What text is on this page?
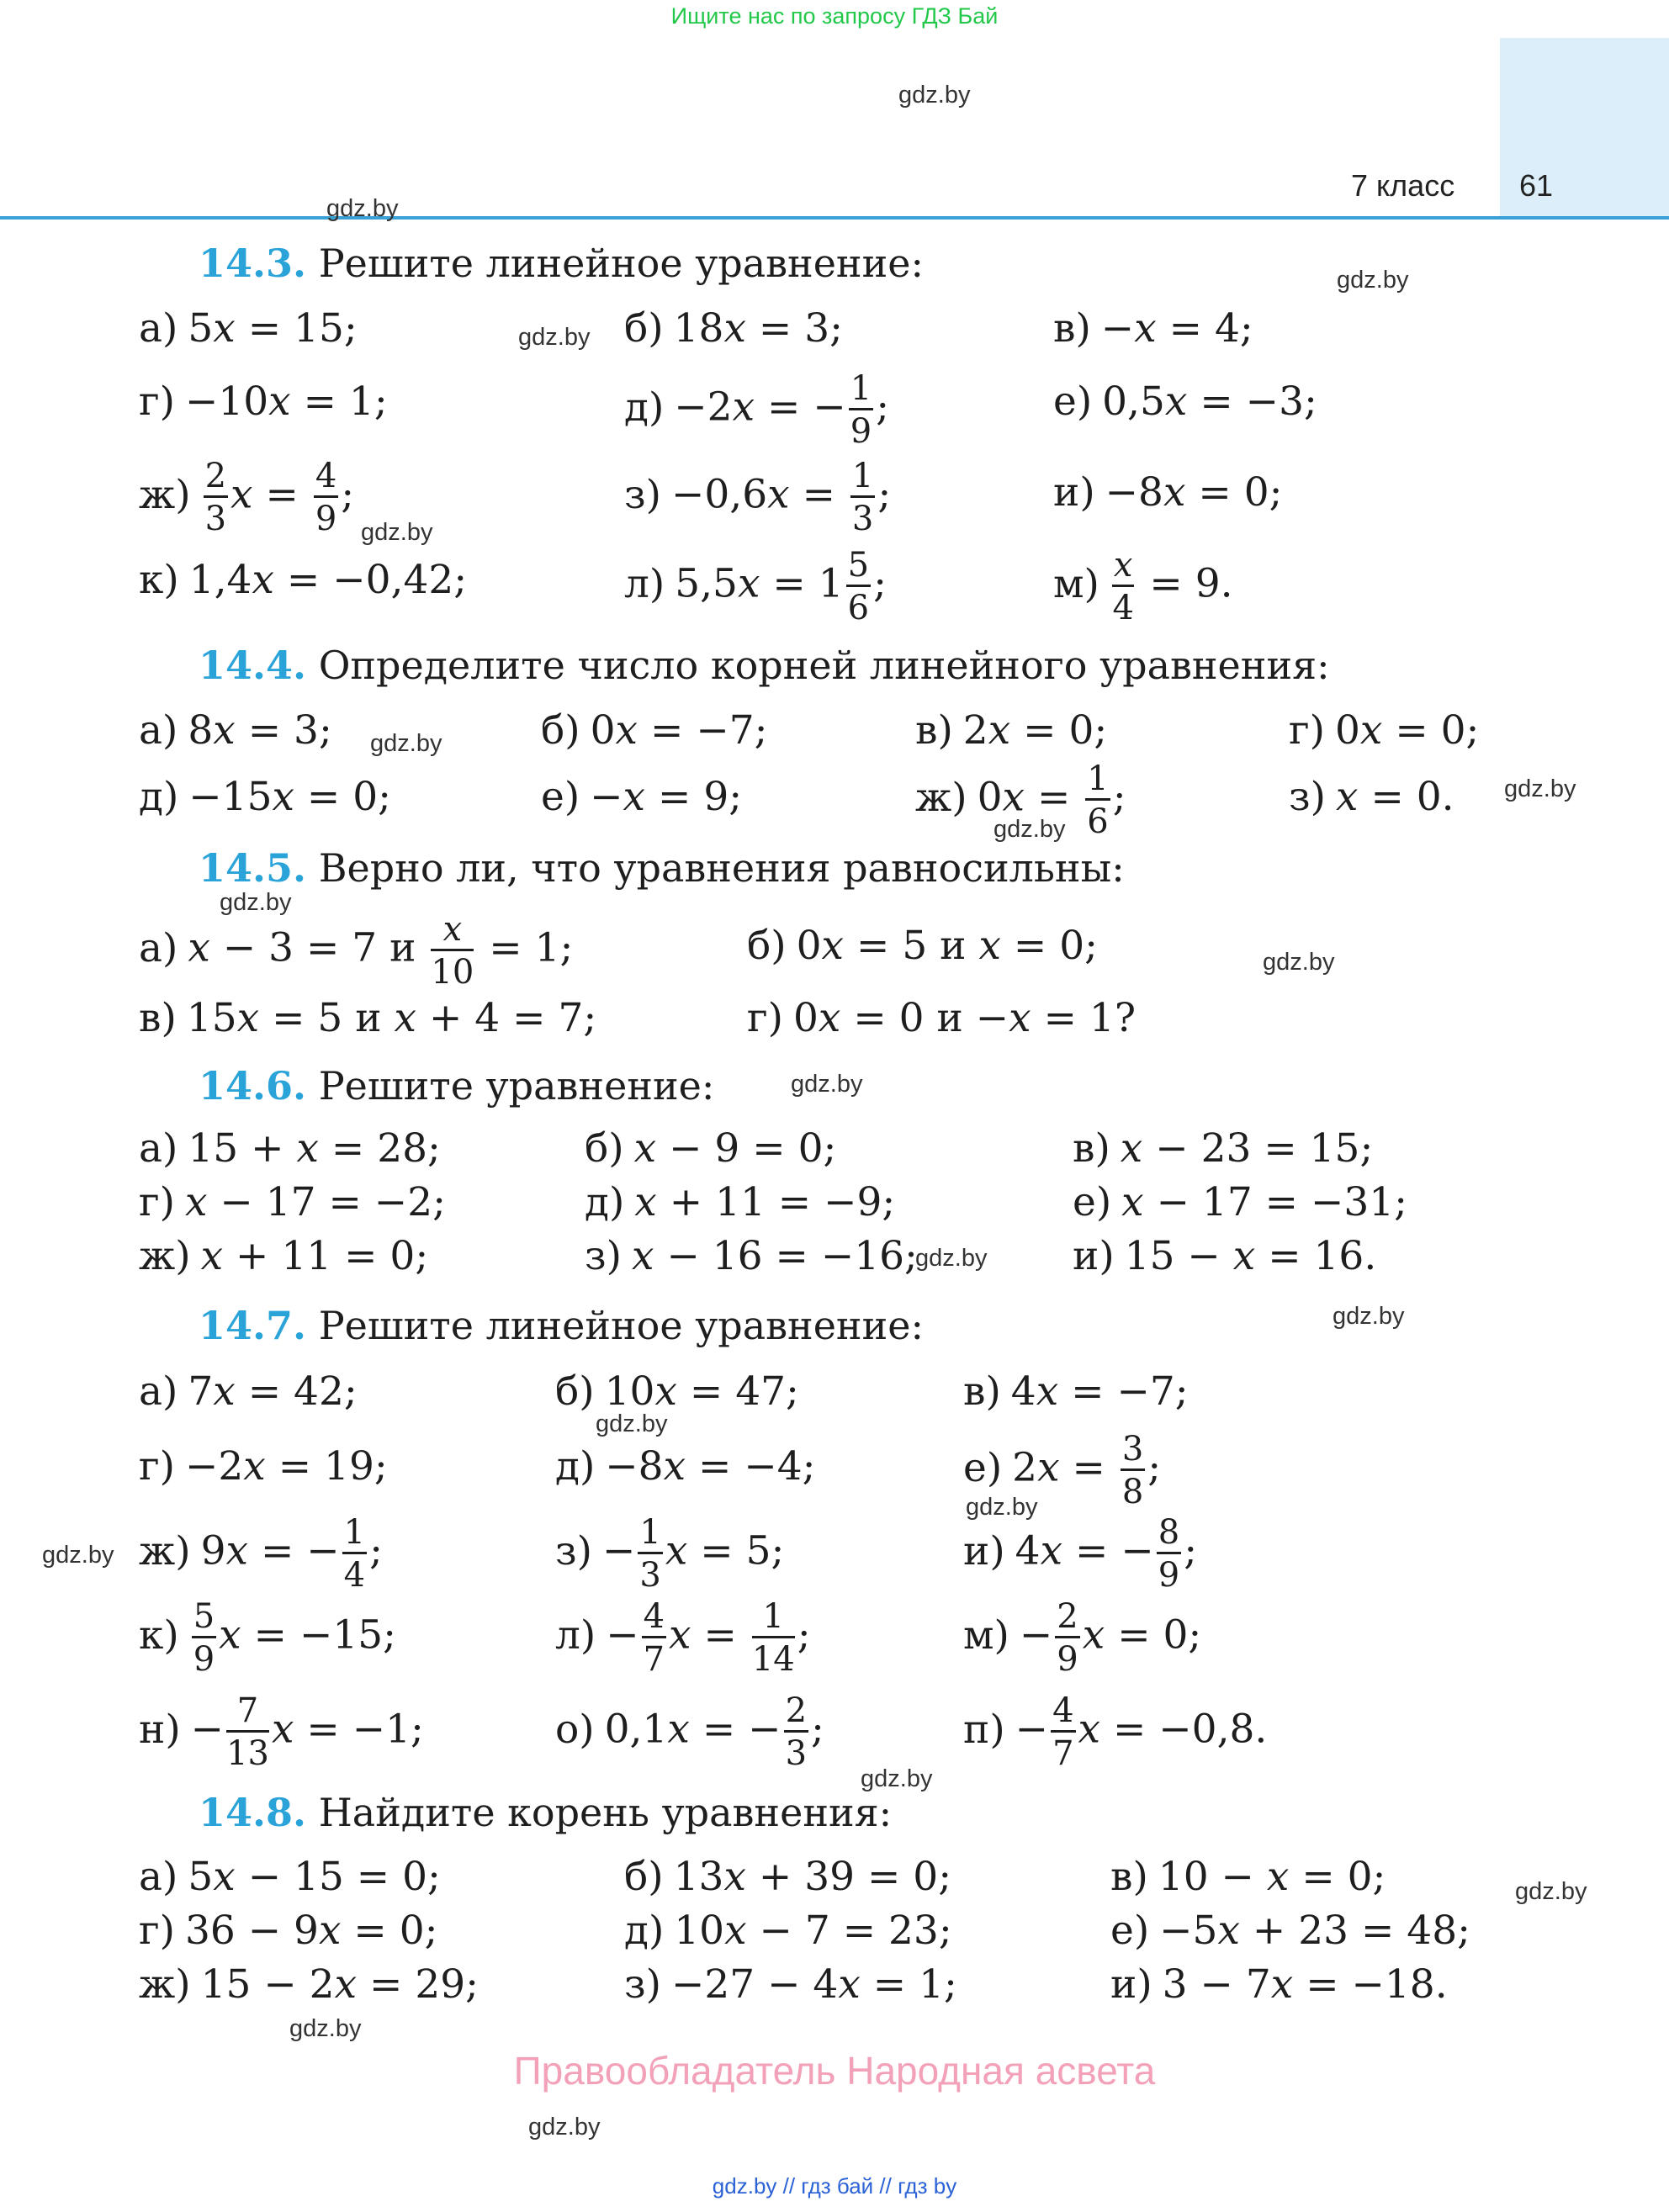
Ищите нас по запросу ГДЗ Бай
7 класс 61
gdz.by
gdz.by
gdz.by
gdz.by
gdz.by
gdz.by
gdz.by
gdz.by
gdz.by
gdz.by
gdz.by
gdz.by
gdz.by
gdz.by
gdz.by
gdz.by
gdz.by
gdz.by
gdz.by
gdz.by
14.3. Решите линейное уравнение:
а) 5x = 15;	б) 18x = 3;	в) −x = 4;
г) −10x = 1;	д) −2x = − $\frac{1}{9}$ ;	е) 0,5x = −3;
$ж) \frac{2}{3}$ $x = \frac{4}{9}$ ;	$з) -0,6x = \frac{1}{3}$ ;	и) −8x = 0;
к) 1,4x = −0,42;	л) $5,5x = 1 \frac{5}{6}$ ;	$м) \frac{x}{4} = 9$.
14.4. Определите число корней линейного уравнения:
а) 8x = 3;	б) 0x = −7;	в) 2x = 0;	г) 0x = 0;
д) −15x = 0;	е) −x = 9;	ж) $0x = \frac{1}{6}$ ;	з) x = 0.
14.5. Верно ли, что уравнения равносильны:
а) x − 3 = 7 и $\frac{x}{10} = 1$;	б) 0x = 5 и x = 0;
в) 15x = 5 и x + 4 = 7;	г) 0x = 0 и −x = 1?
14.6. Решите уравнение:
а) 15 + x = 28;	б) x − 9 = 0;	в) x − 23 = 15;
г) x − 17 = −2;	д) x + 11 = −9;	е) x − 17 = −31;
ж) x + 11 = 0;	з) x − 16 = −16;	и) 15 − x = 16.
14.7. Решите линейное уравнение:
а) 7x = 42;	б) 10x = 47;	в) 4x = −7;
г) −2x = 19;	д) −8x = −4;	е) $2x = \frac{3}{8}$ ;
ж) 9x = − $\frac{1}{4}$ ;	$з) - \frac{1}{3}$ x = 5;	и) 4x = − $\frac{8}{9}$ ;
$к) \frac{5}{9}$ x = −15;	$л) - \frac{4}{7}$ $x = \frac{1}{14}$ ;	$м) - \frac{2}{9}$ x = 0;
$н) - \frac{7}{13}$ x = −1;	о) 0,1x = − $\frac{2}{3}$ ;	$п) - \frac{4}{7}$ x = −0,8.
14.8. Найдите корень уравнения:
а) 5x − 15 = 0;	б) 13x + 39 = 0;	в) 10 − x = 0;
г) 36 − 9x = 0;	д) 10x − 7 = 23;	е) −5x + 23 = 48;
ж) 15 − 2x = 29;	з) −27 − 4x = 1;	и) 3 − 7x = −18.
Правообладатель Народная асвета
gdz.by // гдз бай // гдз by
